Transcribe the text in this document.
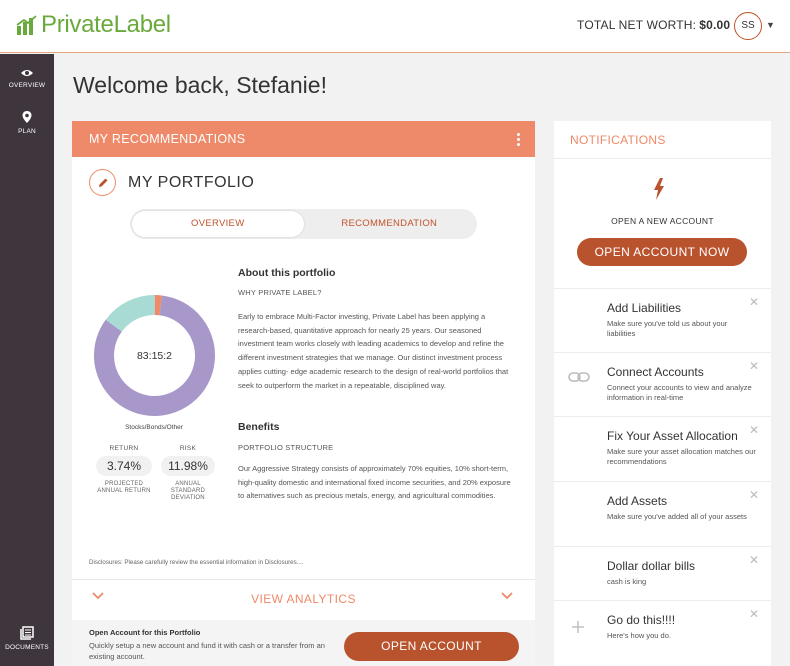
PrivateLabel	TOTAL NET WORTH: $0.00	SS	▼
OVERVIEW
PLAN
DOCUMENTS
Welcome back, Stefanie!
MY RECOMMENDATIONS
MY PORTFOLIO
OVERVIEW	RECOMMENDATION
83:15:2
Stocks/Bonds/Other
RETURN
3.74%
PROJECTED
ANNUAL RETURN
RISK
11.98%
ANNUAL
STANDARD
DEVIATION
About this portfolio
WHY PRIVATE LABEL?

Early to embrace Multi-Factor investing, Private Label has been applying a research-based, quantitative approach for nearly 25 years. Our seasoned investment team works closely with leading academics to develop and refine the different investment strategies that we manage. Our distinct investment process applies cutting- edge academic research to the design of real-world portfolios that seek to outperform the market in a repeatable, disciplined way.

Benefits
PORTFOLIO STRUCTURE

Our Aggressive Strategy consists of approximately 70% equities, 10% short-term, high-quality domestic and international fixed income securities, and 20% exposure to alternatives such as precious metals, energy, and agricultural commodities.

Disclosures: Please carefully review the essential information in Disclosures....
VIEW ANALYTICS
Open Account for this Portfolio
Quickly setup a new account and fund it with cash or a transfer from an existing account.
OPEN ACCOUNT
NOTIFICATIONS
OPEN A NEW ACCOUNT
OPEN ACCOUNT NOW
Add Liabilities
Make sure you've told us about your liabilities
✕
Connect Accounts
Connect your accounts to view and analyze information in real-time
✕
Fix Your Asset Allocation
Make sure your asset allocation matches our recommendations
✕
Add Assets
Make sure you've added all of your assets
✕
Dollar dollar bills
cash is king
✕
Go do this!!!!
Here's how you do.
✕
